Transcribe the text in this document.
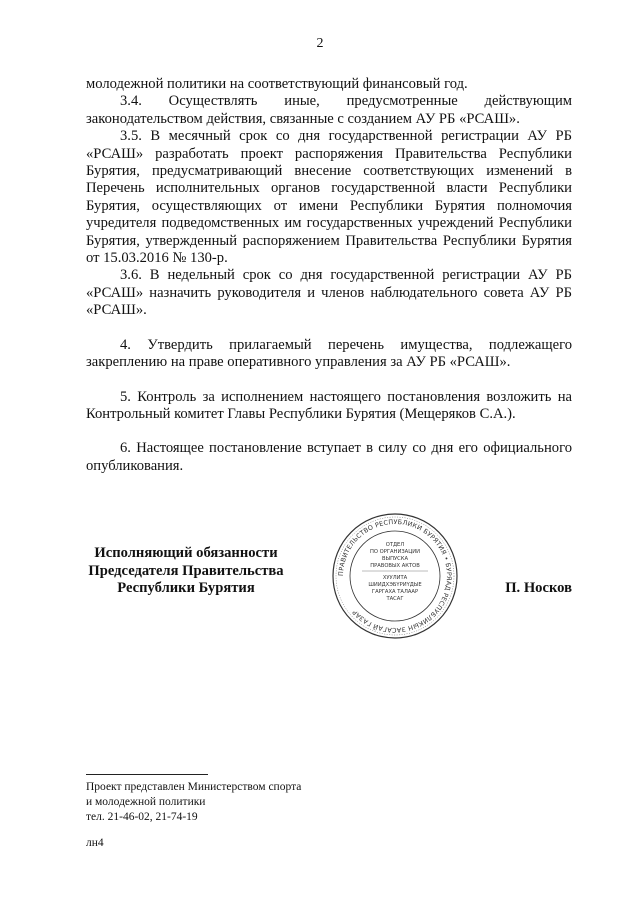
2

молодежной политики на соответствующий финансовый год.

3.4. Осуществлять иные, предусмотренные действующим законодательством действия, связанные с созданием АУ РБ «РСАШ».

3.5. В месячный срок со дня государственной регистрации АУ РБ «РСАШ» разработать проект распоряжения Правительства Республики Бурятия, предусматривающий внесение соответствующих изменений в Перечень исполнительных органов государственной власти Республики Бурятия, осуществляющих от имени Республики Бурятия полномочия учредителя подведомственных им государственных учреждений Республики Бурятия, утвержденный распоряжением Правительства Республики Бурятия от 15.03.2016 № 130-р.

3.6. В недельный срок со дня государственной регистрации АУ РБ «РСАШ» назначить руководителя и членов наблюдательного совета АУ РБ «РСАШ».

4. Утвердить прилагаемый перечень имущества, подлежащего закреплению на праве оперативного управления за АУ РБ «РСАШ».

5. Контроль за исполнением настоящего постановления возложить на Контрольный комитет Главы Республики Бурятия (Мещеряков С.А.).

6. Настоящее постановление вступает в силу со дня его официального опубликования.

Исполняющий обязанности
Председателя Правительства
Республики Бурятия
ПРАВИТЕЛЬСТВО РЕСПУБЛИКИ БУРЯТИЯ • БУРЯАД РЕСПУБЛИКЫН ЗАСАГАЙ ГАЗАР
ОТДЕЛ
ПО ОРГАНИЗАЦИИ
ВЫПУСКА
ПРАВОВЫХ АКТОВ
ХУУЛИТА
ШИИДХЭБҮРИҮДЫЕ
ГАРГАХА ТАЛААР
ТАСАГ
П. Носков
Проект представлен Министерством спорта
и молодежной политики
тел. 21-46-02, 21-74-19
лн4
